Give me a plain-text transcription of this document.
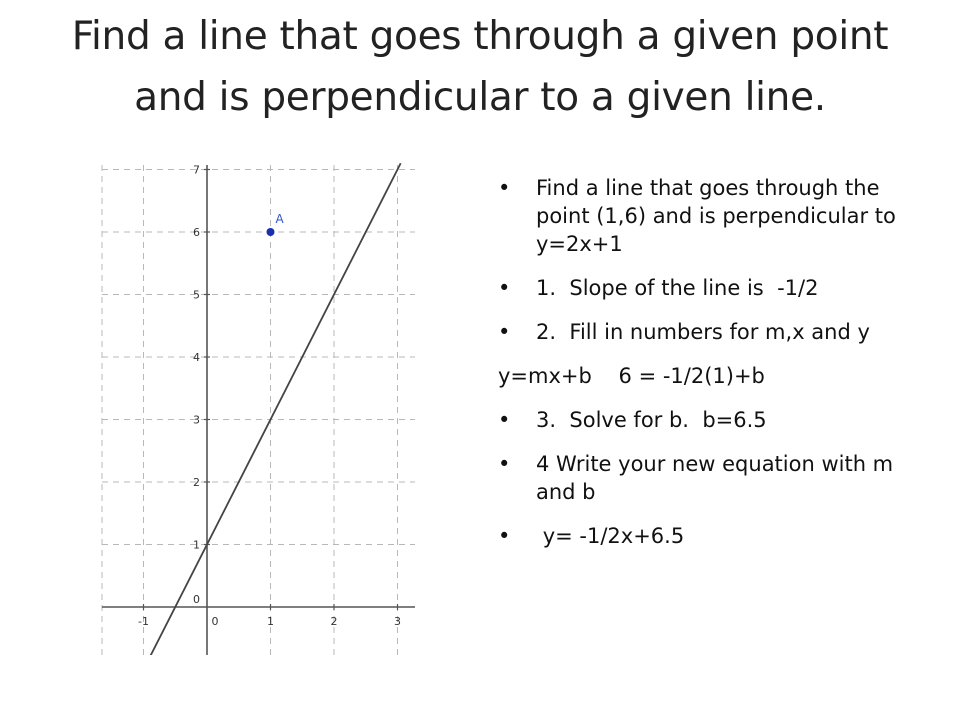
Find a line that goes through a given point and is perpendicular to a given line.
-1	0	1	2	3
0
1
2
3
4
5
6
7
A
• Find a line that goes through the point (1,6) and is perpendicular to y=2x+1
• 1.  Slope of the line is  -1/2
• 2.  Fill in numbers for m,x and y
y=mx+b    6 = -1/2(1)+b
• 3.  Solve for b.  b=6.5
• 4 Write your new equation with m and b
• y= -1/2x+6.5
